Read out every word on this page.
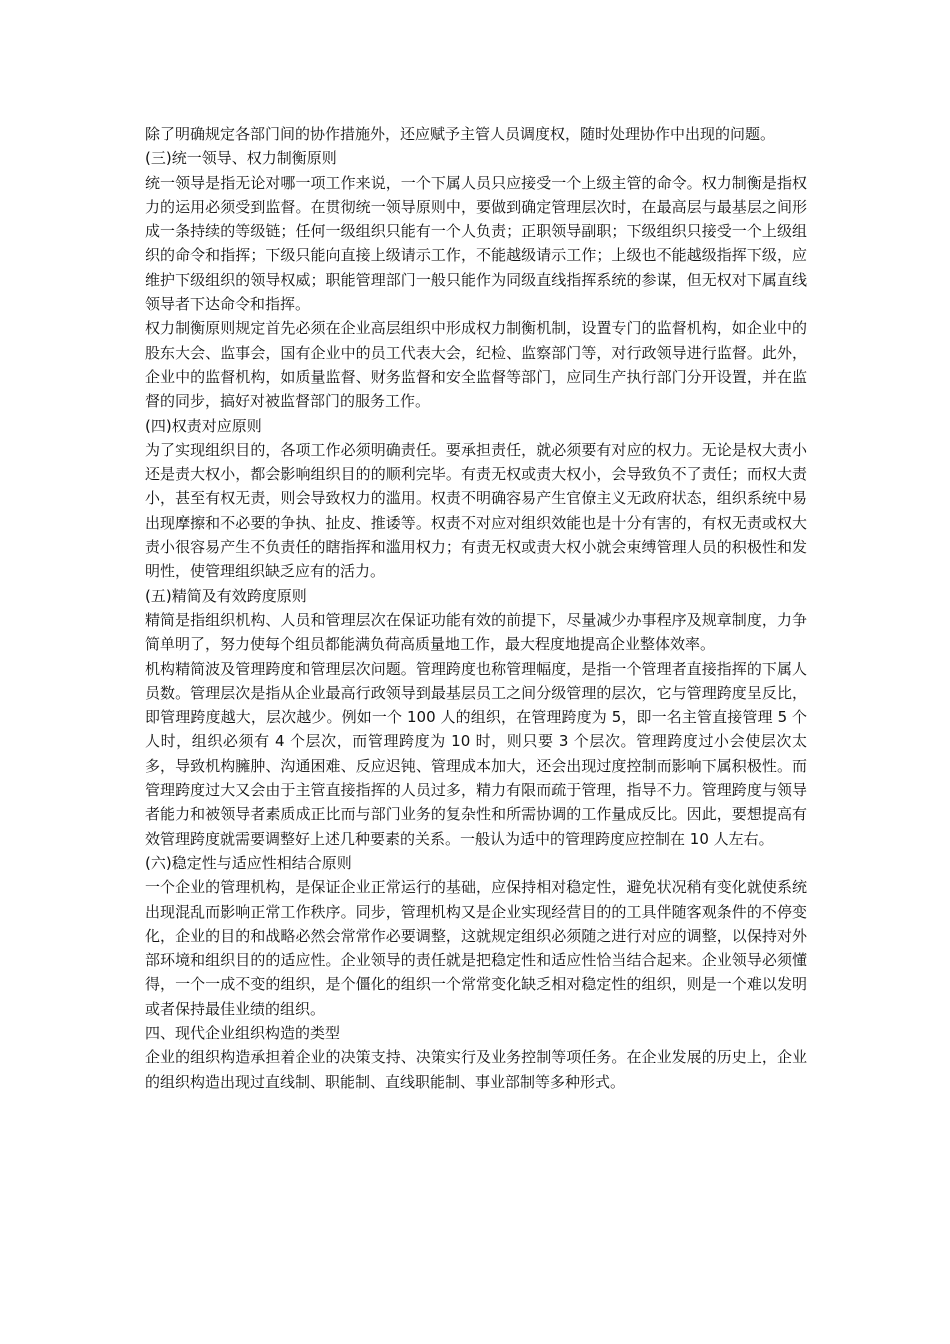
除了明确规定各部门间的协作措施外，还应赋予主管人员调度权，随时处理协作中出现的问题。

(三)统一领导、权力制衡原则

统一领导是指无论对哪一项工作来说，一个下属人员只应接受一个上级主管的命令。权力制衡是指权力的运用必须受到监督。在贯彻统一领导原则中，要做到确定管理层次时，在最高层与最基层之间形成一条持续的等级链；任何一级组织只能有一个人负责；正职领导副职；下级组织只接受一个上级组织的命令和指挥；下级只能向直接上级请示工作，不能越级请示工作；上级也不能越级指挥下级，应维护下级组织的领导权威；职能管理部门一般只能作为同级直线指挥系统的参谋，但无权对下属直线领导者下达命令和指挥。

权力制衡原则规定首先必须在企业高层组织中形成权力制衡机制，设置专门的监督机构，如企业中的股东大会、监事会，国有企业中的员工代表大会，纪检、监察部门等，对行政领导进行监督。此外，企业中的监督机构，如质量监督、财务监督和安全监督等部门，应同生产执行部门分开设置，并在监督的同步，搞好对被监督部门的服务工作。

(四)权责对应原则

为了实现组织目的，各项工作必须明确责任。要承担责任，就必须要有对应的权力。无论是权大责小还是责大权小，都会影响组织目的的顺利完毕。有责无权或责大权小，会导致负不了责任；而权大责小，甚至有权无责，则会导致权力的滥用。权责不明确容易产生官僚主义无政府状态，组织系统中易出现摩擦和不必要的争执、扯皮、推诿等。权责不对应对组织效能也是十分有害的，有权无责或权大责小很容易产生不负责任的瞎指挥和滥用权力；有责无权或责大权小就会束缚管理人员的积极性和发明性，使管理组织缺乏应有的活力。

(五)精简及有效跨度原则

精简是指组织机构、人员和管理层次在保证功能有效的前提下，尽量减少办事程序及规章制度，力争简单明了，努力使每个组员都能满负荷高质量地工作，最大程度地提高企业整体效率。

机构精简波及管理跨度和管理层次问题。管理跨度也称管理幅度，是指一个管理者直接指挥的下属人员数。管理层次是指从企业最高行政领导到最基层员工之间分级管理的层次，它与管理跨度呈反比，即管理跨度越大，层次越少。例如一个 100 人的组织，在管理跨度为 5，即一名主管直接管理 5 个人时，组织必须有 4 个层次，而管理跨度为 10 时，则只要 3 个层次。管理跨度过小会使层次太多，导致机构臃肿、沟通困难、反应迟钝、管理成本加大，还会出现过度控制而影响下属积极性。而管理跨度过大又会由于主管直接指挥的人员过多，精力有限而疏于管理，指导不力。管理跨度与领导者能力和被领导者素质成正比而与部门业务的复杂性和所需协调的工作量成反比。因此，要想提高有效管理跨度就需要调整好上述几种要素的关系。一般认为适中的管理跨度应控制在 10 人左右。

(六)稳定性与适应性相结合原则

一个企业的管理机构，是保证企业正常运行的基础，应保持相对稳定性，避免状况稍有变化就使系统出现混乱而影响正常工作秩序。同步，管理机构又是企业实现经营目的的工具伴随客观条件的不停变化，企业的目的和战略必然会常常作必要调整，这就规定组织必须随之进行对应的调整，以保持对外部环境和组织目的的适应性。企业领导的责任就是把稳定性和适应性恰当结合起来。企业领导必须懂得，一个一成不变的组织，是个僵化的组织一个常常变化缺乏相对稳定性的组织，则是一个难以发明或者保持最佳业绩的组织。

四、现代企业组织构造的类型

企业的组织构造承担着企业的决策支持、决策实行及业务控制等项任务。在企业发展的历史上，企业的组织构造出现过直线制、职能制、直线职能制、事业部制等多种形式。
